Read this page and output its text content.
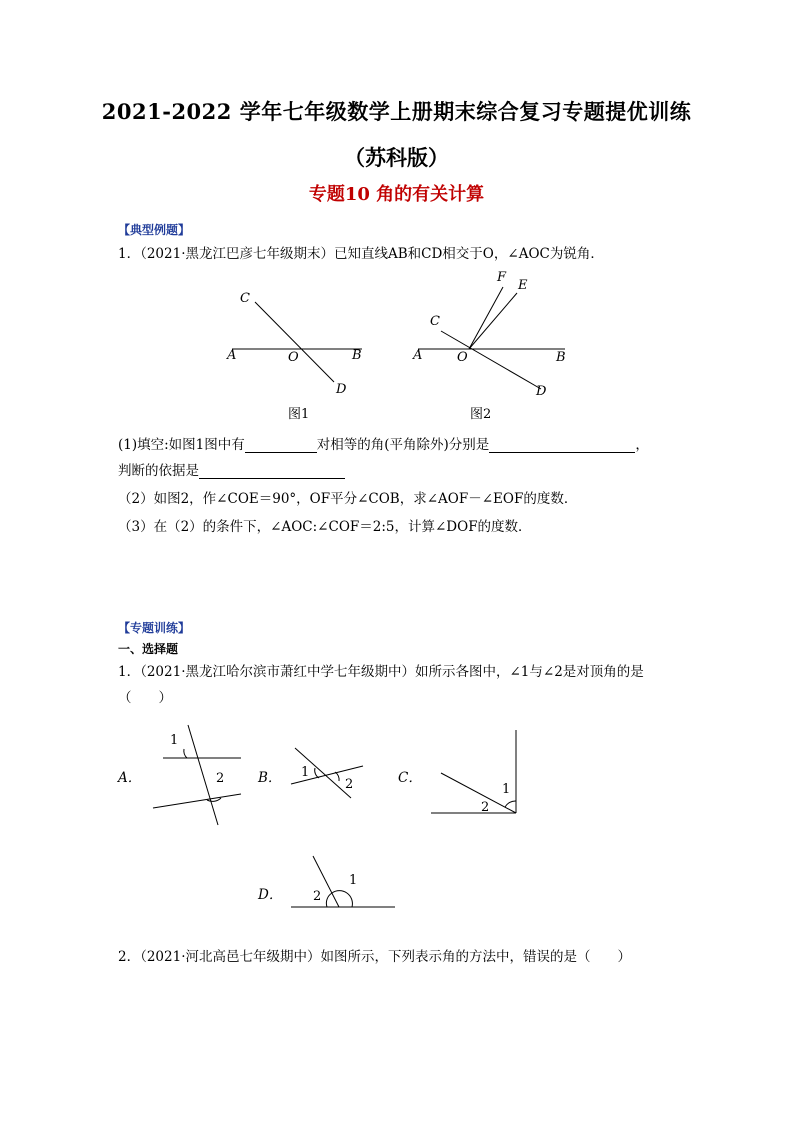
2021-2022 学年七年级数学上册期末综合复习专题提优训练
（苏科版）
专题10 角的有关计算
【典型例题】
1．（2021·黑龙江巴彦七年级期末）已知直线AB和CD相交于O，∠AOC为锐角．
A	B
C
D
O
图1
A	B
C
D
O
E
F
图2
(1)填空:如图1图中有	对相等的角(平角除外)分别是	，
判断的依据是
（2）如图2，作∠COE＝90°，OF平分∠COB，求∠AOF－∠EOF的度数．
（3）在（2）的条件下，∠AOC:∠COF＝2:5，计算∠DOF的度数．
【专题训练】
一、选择题
1．（2021·黑龙江哈尔滨市萧红中学七年级期中）如所示各图中，∠1与∠2是对顶角的是
（　　）
A．
1
2 B． 1
2	C．
1
2
D．
1
2
2．（2021·河北高邑七年级期中）如图所示，下列表示角的方法中，错误的是（　　）
